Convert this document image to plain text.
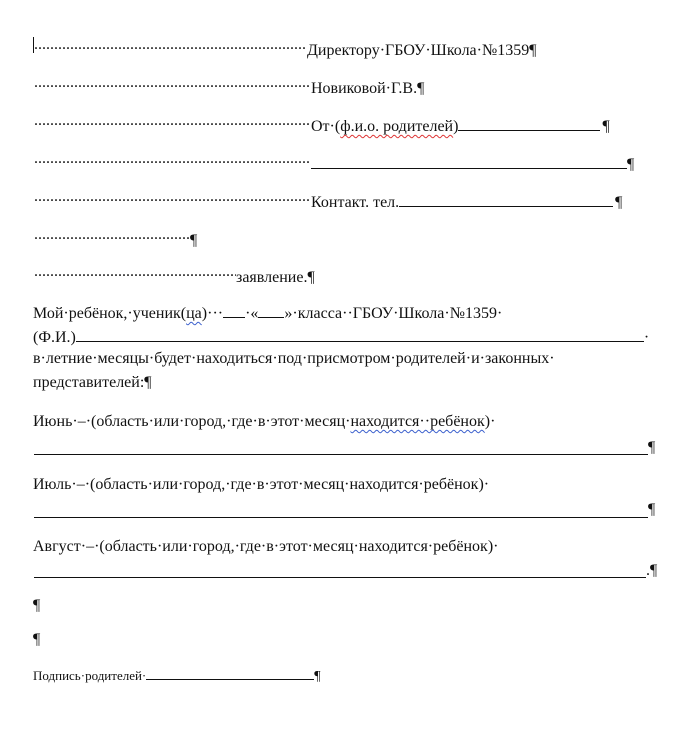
.....Директору·ГБОУ·Школа·№1359¶
.....Новиковой·Г.В.¶
.....От·(ф.и.о. родителей)	¶
.....¶
.....Контакт. тел.	¶
.....¶
.....заявление.¶
Мой·ребёнок,·ученик(ца)··· ·« »·класса··ГБОУ·Школа·№1359·
(Ф.И.)	·
в·летние·месяцы·будет·находиться·под·присмотром·родителей·и·законных·
представителей:¶
Июнь·–·(область·или·город,·где·в·этот·месяц·находится··ребёнок)·
¶
Июль·–·(область·или·город,·где·в·этот·месяц·находится·ребёнок)·
¶
Август·–·(область·или·город,·где·в·этот·месяц·находится·ребёнок)·
.¶
¶
¶
Подпись·родителей·	¶
